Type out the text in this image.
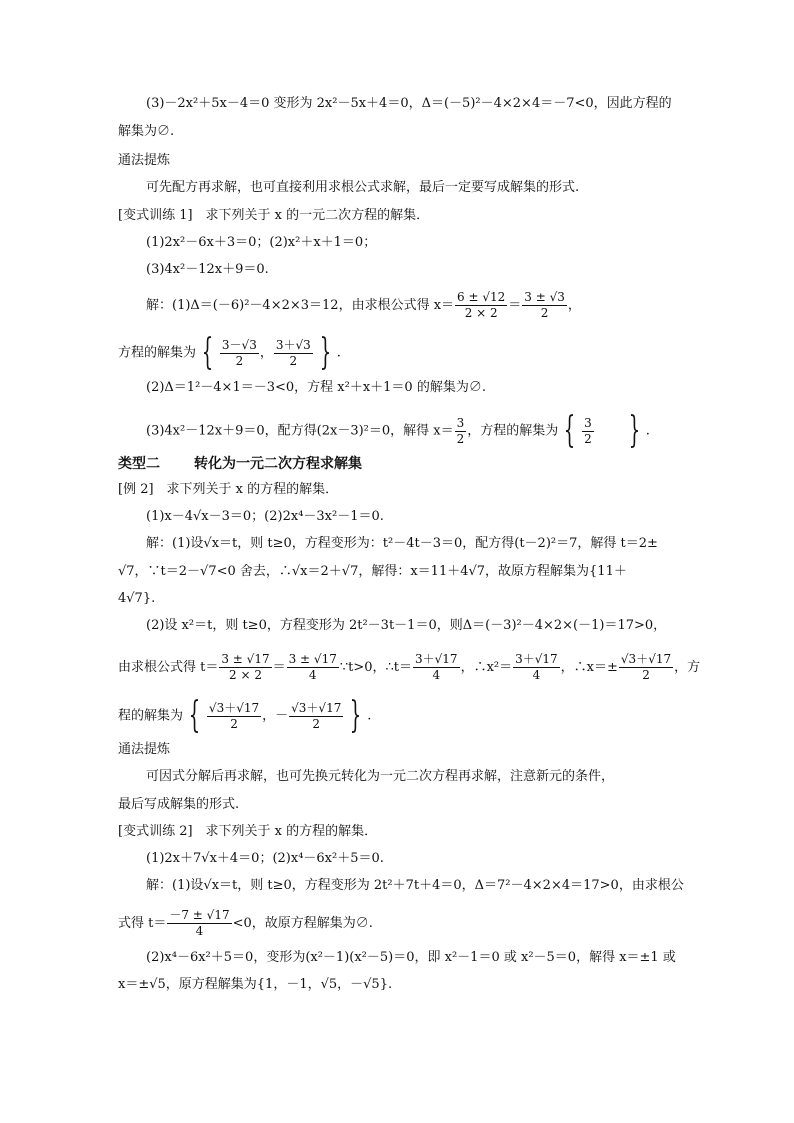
(3)－2x²＋5x－4＝0 变形为 2x²－5x＋4＝0，Δ＝(－5)²－4×2×4＝－7<0，因此方程的
解集为∅.
通法提炼
可先配方再求解，也可直接利用求根公式求解，最后一定要写成解集的形式.
[变式训练 1]　求下列关于 x 的一元二次方程的解集．
(1)2x²－6x＋3＝0；(2)x²＋x＋1＝0；
(3)4x²－12x＋9＝0.
解：(1)Δ＝(－6)²－4×2×3＝12，由求根公式得 $x= \frac{6 \pm √12}{2 \times 2} = \frac{3 \pm √3}{2}$ ，
方程的解集为 { $\frac{3-√3}{2}$ ， $\frac{3+√3}{2}$ } .
(2)Δ＝1²－4×1＝－3<0，方程 x²＋x＋1＝0 的解集为∅.
(3)4x²－12x＋9＝0，配方得(2x－3)²＝0，解得 $x= \frac{3}{2}$ ，方程的解集为 { $\frac{3}{2}$ } .
类型二 转化为一元二次方程求解集
[例 2]　求下列关于 x 的方程的解集．
(1)x－4√x－3＝0；(2)2x⁴－3x²－1＝0.
解：(1)设√x＝t，则 t≥0，方程变形为：t²－4t－3＝0，配方得(t－2)²＝7，解得 t＝2±
√7，∵t＝2－√7<0 舍去，∴√x＝2＋√7，解得：x＝11＋4√7，故原方程解集为{11＋
4√7}.
(2)设 x²＝t，则 t≥0，方程变形为 2t²－3t－1＝0，则Δ＝(－3)²－4×2×(－1)＝17>0，
由求根公式得 $t= \frac{3 \pm √17}{2 \times 2} = \frac{3 \pm √17}{4}$ ∵t>0，∴t＝ $\frac{3+√17}{4}$ ，∴x²＝ $\frac{3+√17}{4}$ ，∴x＝± $\frac{√3+√17}{2}$ ，方
程的解集为 { $\frac{√3+√17}{2}$ ，－ $\frac{√3+√17}{2}$ } .
通法提炼
可因式分解后再求解，也可先换元转化为一元二次方程再求解，注意新元的条件，
最后写成解集的形式.
[变式训练 2]　求下列关于 x 的方程的解集．
(1)2x＋7√x＋4＝0；(2)x⁴－6x²＋5＝0.
解：(1)设√x＝t，则 t≥0，方程变形为 2t²＋7t＋4＝0，Δ＝7²－4×2×4＝17>0，由求根公
式得 $t= \frac{-7 \pm √17}{4} <0$，故原方程解集为∅.
(2)x⁴－6x²＋5＝0，变形为(x²－1)(x²－5)＝0，即 x²－1＝0 或 x²－5＝0，解得 x＝±1 或
x＝±√5，原方程解集为{1，－1，√5，－√5}.
